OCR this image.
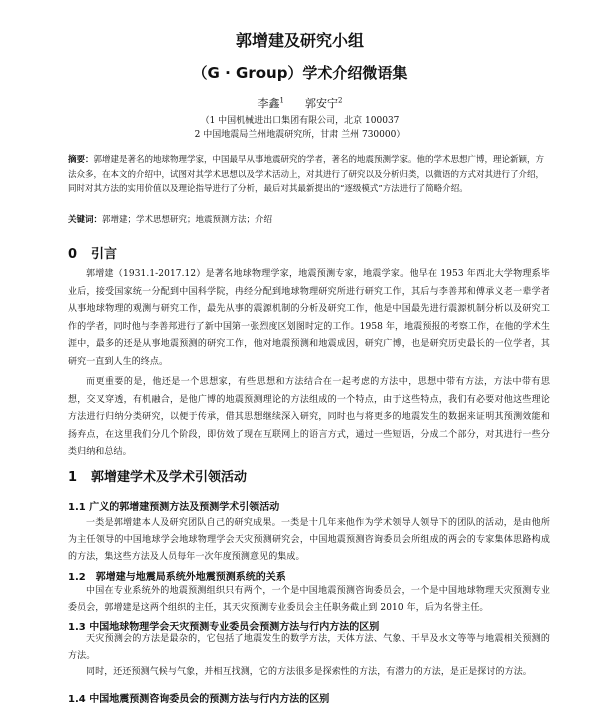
郭增建及研究小组
（G · Group）学术介绍微语集
李鑫$^1$ 郭安宁$^2$
（1 中国机械进出口集团有限公司，北京 100037
2 中国地震局兰州地震研究所，甘肃 兰州 730000）
摘要：郭增建是著名的地球物理学家，中国最早从事地震研究的学者，著名的地震预测学家。他的学术思想广博，理论新颖，方法众多，在本文的介绍中，试图对其学术思想以及学术活动上，对其进行了研究以及分析归类，以微语的方式对其进行了介绍，同时对其方法的实用价值以及理论指导进行了分析，最后对其最新提出的“逐级模式”方法进行了简略介绍。
关键词：郭增建；学术思想研究；地震预测方法；介绍
0 引言
郭增建（1931.1-2017.12）是著名地球物理学家，地震预测专家，地震学家。他早在 1953 年西北大学物理系毕业后，接受国家统一分配到中国科学院，冉经分配到地球物理研究所进行研究工作，其后与李善邦和傅承义老一辈学者从事地球物理的观测与研究工作，最先从事的震源机制的分析及研究工作，他是中国最先进行震源机制分析以及研究工作的学者，同时他与李善邦进行了新中国第一张烈度区划图时定的工作。1958 年，地震预报的考察工作，在他的学术生涯中，最多的还是从事地震预测的研究工作，他对地震预测和地震成因，研究广博，也是研究历史最长的一位学者，其研究一直到人生的终点。
而更重要的是，他还是一个思想家，有些思想和方法结合在一起考虑的方法中，思想中带有方法，方法中带有思想，交叉穿透，有机融合，是他广博的地震预测理论的方法组成的一个特点，由于这些特点，我们有必要对他这些理论方法进行归纳分类研究，以便于传承，借其思想继续深入研究，同时也与将更多的地震发生的数据来证明其预测效能和扬弃点，在这里我们分几个阶段，即仿效了现在互联网上的语言方式，通过一些短语，分成二个部分，对其进行一些分类归纳和总结。
1 郭增建学术及学术引领活动
1.1 广义的郭增建预测方法及预测学术引领活动
一类是郭增建本人及研究团队自己的研究成果。一类是十几年来他作为学术领导人领导下的团队的活动，是由他所为主任领导的中国地球学会地球物理学会天灾预测研究会，中国地震预测咨询委员会所组成的两会的专家集体思路构成的方法，集这些方法及人员每年一次年度预测意见的集成。
1.2　郭增建与地震局系统外地震预测系统的关系
中国在专业系统外的地震预测组织只有两个，一个是中国地震预测咨询委员会，一个是中国地球物理天灾预测专业委员会，郭增建是这两个组织的主任，其天灾预测专业委员会主任职务截止到 2010 年，后为名誉主任。
1.3 中国地球物理学会天灾预测专业委员会预测方法与行内方法的区别
天灾预测会的方法是最杂的，它包括了地震发生的数学方法，天体方法、气象、干旱及水文等等与地震相关预测的方法。
同时，还还预测气候与气象，并相互找测，它的方法很多是探索性的方法，有潜力的方法，是正是探讨的方法。
1.4 中国地震预测咨询委员会的预测方法与行内方法的区别
